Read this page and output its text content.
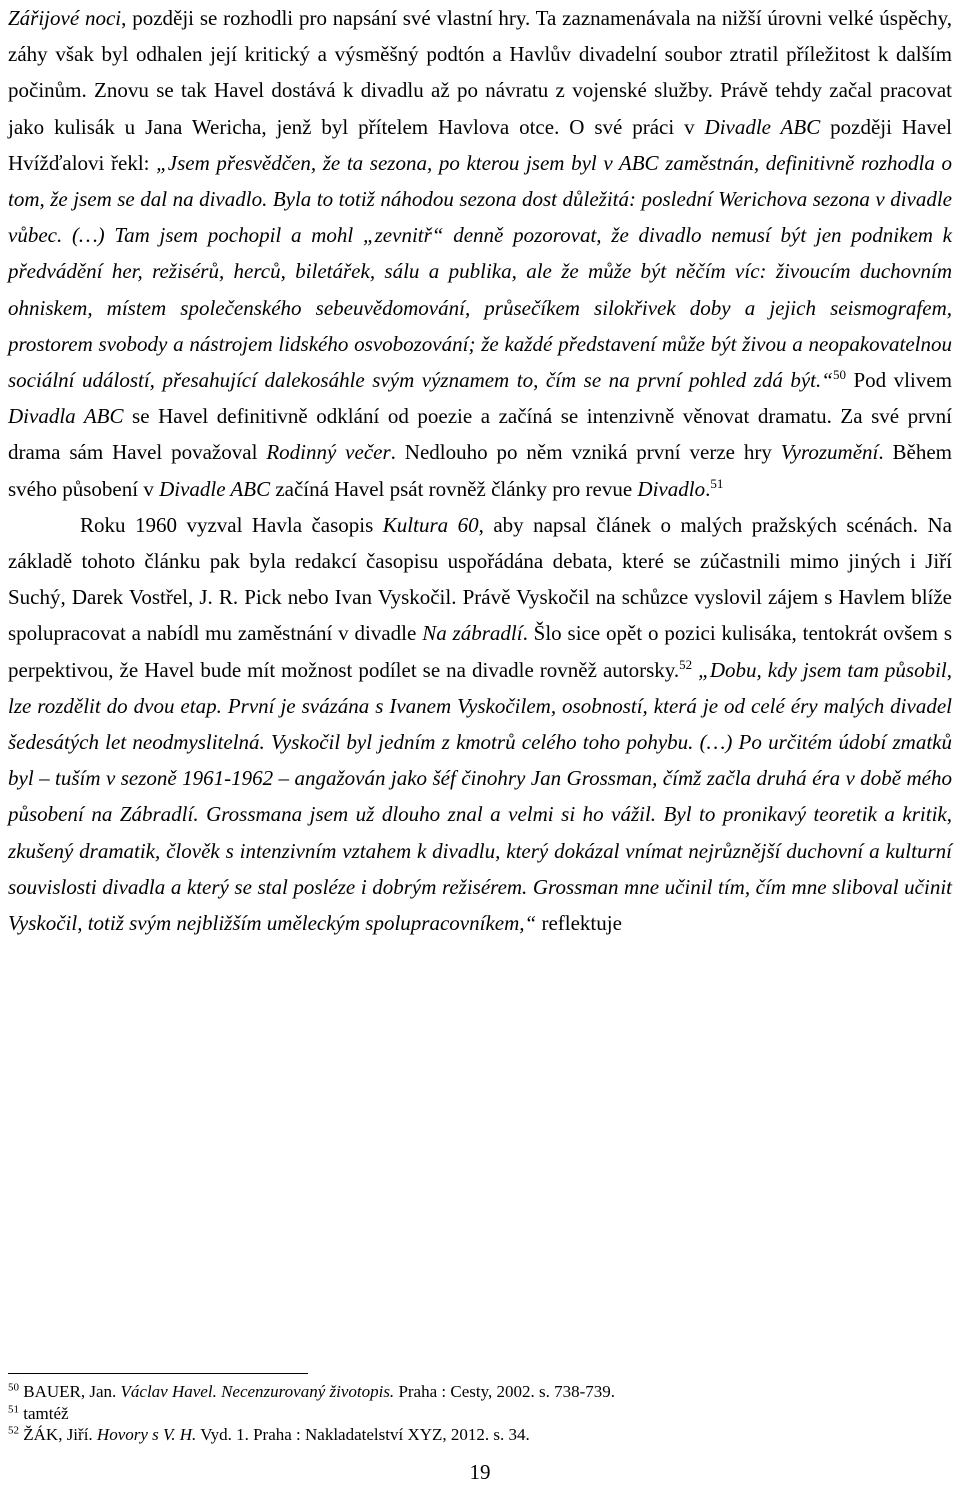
Zářijové noci, později se rozhodli pro napsání své vlastní hry. Ta zaznamenávala na nižší úrovni velké úspěchy, záhy však byl odhalen její kritický a výsměšný podtón a Havlův divadelní soubor ztratil příležitost k dalším počinům. Znovu se tak Havel dostává k divadlu až po návratu z vojenské služby. Právě tehdy začal pracovat jako kulisák u Jana Wericha, jenž byl přítelem Havlova otce. O své práci v Divadle ABC později Havel Hvížďalovi řekl: „Jsem přesvědčen, že ta sezona, po kterou jsem byl v ABC zaměstnán, definitivně rozhodla o tom, že jsem se dal na divadlo. Byla to totiž náhodou sezona dost důležitá: poslední Werichova sezona v divadle vůbec. (…) Tam jsem pochopil a mohl „zevnitř“ denně pozorovat, že divadlo nemusí být jen podnikem k předvádění her, režisérů, herců, biletářek, sálu a publika, ale že může být něčím víc: živoucím duchovním ohniskem, místem společenského sebeuvědomování, průsečíkem silokřivek doby a jejich seismografem, prostorem svobody a nástrojem lidského osvobozování; že každé představení může být živou a neopakovatelnou sociální událostí, přesahující dalekosáhle svým významem to, čím se na první pohled zdá být.“$^{50}$ Pod vlivem Divadla ABC se Havel definitivně odklání od poezie a začíná se intenzivně věnovat dramatu. Za své první drama sám Havel považoval Rodinný večer. Nedlouho po něm vzniká první verze hry Vyrozumění. Během svého působení v Divadle ABC začíná Havel psát rovněž články pro revue Divadlo.$^{51}$

Roku 1960 vyzval Havla časopis Kultura 60, aby napsal článek o malých pražských scénách. Na základě tohoto článku pak byla redakcí časopisu uspořádána debata, které se zúčastnili mimo jiných i Jiří Suchý, Darek Vostřel, J. R. Pick nebo Ivan Vyskočil. Právě Vyskočil na schůzce vyslovil zájem s Havlem blíže spolupracovat a nabídl mu zaměstnání v divadle Na zábradlí. Šlo sice opět o pozici kulisáka, tentokrát ovšem s perpektivou, že Havel bude mít možnost podílet se na divadle rovněž autorsky.$^{52}$ „Dobu, kdy jsem tam působil, lze rozdělit do dvou etap. První je svázána s Ivanem Vyskočilem, osobností, která je od celé éry malých divadel šedesátých let neodmyslitelná. Vyskočil byl jedním z kmotrů celého toho pohybu. (…) Po určitém údobí zmatků byl – tuším v sezoně 1961-1962 – angažován jako šéf činohry Jan Grossman, čímž začla druhá éra v době mého působení na Zábradlí. Grossmana jsem už dlouho znal a velmi si ho vážil. Byl to pronikavý teoretik a kritik, zkušený dramatik, člověk s intenzivním vztahem k divadlu, který dokázal vnímat nejrůznější duchovní a kulturní souvislosti divadla a který se stal posléze i dobrým režisérem. Grossman mne učinil tím, čím mne sliboval učinit Vyskočil, totiž svým nejbližším uměleckým spolupracovníkem,“ reflektuje

$^{50}$ BAUER, Jan. Václav Havel. Necenzurovaný životopis. Praha : Cesty, 2002. s. 738-739.
$^{51}$ tamtéž
$^{52}$ ŽÁK, Jiří. Hovory s V. H. Vyd. 1. Praha : Nakladatelství XYZ, 2012. s. 34.
19
